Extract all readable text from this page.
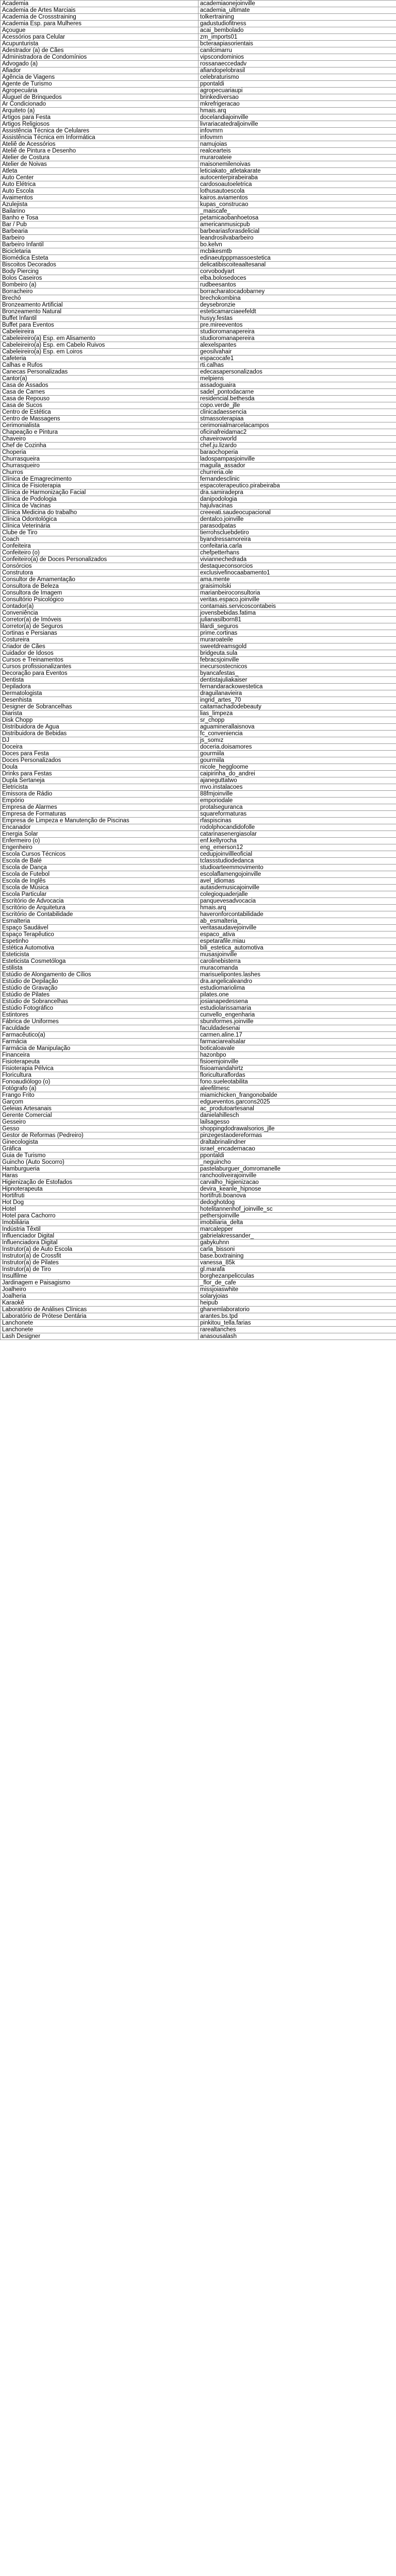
Academia	academiaonejoinville
Academia de Artes Marciais	academia_ultimate
Academia de Crossstraining	tolkertraining
Academia Esp. para Mulheres	gadustudiofitness
Açougue	acai_bembolado
Acessórios para Celular	zm_imports01
Acupunturista	bcteraapiasorientais
Adestrador (a) de Cães	canilcimarru
Administradora de Condomínios	vipscondominios
Advogado (a)	rossanaeccedadv
Afiador	afiandopelobrasil
Agência de Viagens	celebraturismo
Agente de Turismo	ppontaldi
Agropecuária	agropecuariaupi
Aluguel de Brinquedos	brinkediversao
Ar Condicionado	mkrefrigeracao
Arquiteto (a)	hmais.arq
Artigos para Festa	docelandiajoinville
Artigos Religiosos	livrariacatedraljoinville
Assistência Técnica de Celulares	infovmrn
Assistência Técnica em Informática	infovmrn
Ateliê de Acessórios	namujoias
Ateliê de Pintura e Desenho	realcearteis
Atelier de Costura	muraroateie
Atelier de Noivas	maisonemilenoivas
Atleta	leticiakato_atletakarate
Auto Center	autocenterpirabeiraba
Auto Elétrica	cardosoautoeletrica
Auto Escola	lothusautoescola
Avaimentos	kairos.aviamentos
Azulejista	kupas_construcao
Bailarino	_maiscafe_
Banho e Tosa	petamicaobanhoetosa
Bar / Pub	americanmusicpub
Barbearia	barbeariasforasdelicial
Barbeiro	leandrosilvabarbeiro
Barbeiro Infantil	bo.kelvn
Bicicletaria	mcbikesmtb
Biomédica Esteta	edinaeutpppmassoestetica
Biscoitos Decorados	delicatibiscoiteaaltesanal
Body Piercing	corvobodyart
Bolos Caseiros	elba.bolosedoces
Bombeiro (a)	rudbeesantos
Borracheiro	borracharatocadobarney
Brechó	brechokombina
Bronzeamento Artificial	deysebronzie
Bronzeamento Natural	esteticamarciaeefeldt
Buffet Infantil	husyy.festas
Buffet para Eventos	pre.mireeventos
Cabeleireira	studioromanapereira
Cabeleireiro(a) Esp. em Alisamento	studioromanapereira
Cabeleireiro(a) Esp. em Cabelo Ruivos	alexelspantes
Cabeleireiro(a) Esp. em Loiros	geosilvahair
Cafeteria	espacocafe1
Calhas e Rufos	rti.calhas
Canecas Personalizadas	edecasapersonalizados
Cantor(a)	melpiens
Casa de Assados	assadoguaira
Casa de Carnes	sadel_pontodacarne
Casa de Repouso	residencial.bethesda
Casa de Sucos	copo.verde_jlle
Centro de Estética	clinicadaessencia
Centro de Massagens	stmassoterapiaa
Cerimonialista	cerimonialmarcelacampos
Chapeação e Pintura	oficinafreidamac2
Chaveiro	chaveiroworld
Chef de Cozinha	chef.ju.lizardo
Choperia	baraochoperia
Churrasqueira	ladospampasjoinville
Churrasqueiro	maguila_assador
Churros	churreria.ole
Clínica de Emagrecimento	fernandesclinic
Clínica de Fisioterapia	espacoterapeutico.pirabeiraba
Clínica de Harmonização Facial	dra.samiradepra
Clínica de Podologia	danipodologia
Clínica de Vacinas	hajulvacinas
Clínica Medicina do trabalho	creeeati.saudeocupacional
Clínica Odontológica	dentalco.joinville
Clínica Veterinária	parasodpatas
Clube de Tiro	tierrohscluebdetiro
Coach	byandressamoreira
Confeiteira	confeitaria.carla
Confeiteiro (o)	chefpetterhans
Confeiteiro(a) de Doces Personalizados	viviannechedrada
Consórcios	destaqueconsorcios
Construtora	exclusivefinocaabamento1
Consultor de Amamentação	ama.mente
Consultora de Beleza	graisimolski
Consultora de Imagem	marianbeiroconsultoria
Consultório Psicológico	veritas.espaco.joinville
Contador(a)	contamais.servicoscontabeis
Conveniência	jovensbebidas.fatima
Corretor(a) de Imóveis	julianasilborn81
Corretor(a) de Seguros	lilardi_seguros
Cortinas e Persianas	prime.cortinas
Costureira	muraroateile
Criador de Cães	sweetdreamsgold
Cuidador de Idosos	bridgeuta.sula
Cursos e Treinamentos	febracsjoinville
Cursos profissionalizantes	inecursostecnicos
Decoração para Eventos	byancafestas_
Dentista	dentistajuliakaiser
Depiladora	fernandarackowestetica
Dermatologista	draguilanavieira
Desenhista	ingrid_artes_70
Designer de Sobrancelhas	caitamachadodebeauty
Diarista	lias_limpeza
Disk Chopp	sr_chopp
Distribuidora de Água	aguaminerallaisnova
Distribuidora de Bebidas	fc_conveniencia
DJ	js_somız
Doceira	doceria.doisamores
Doces para Festa	gourmiila
Doces Personalizados	gourmiila
Doula	nicole_heggloome
Drinks para Festas	caipirinha_do_andrei
Dupla Sertaneja	ajaneguttatwo
Eletricista	mvo.instalacoes
Emissora de Rádio	88fmjoinville
Empório	emporiodale
Empresa de Alarmes	protalseguranca
Empresa de Formaturas	squareformaturas
Empresa de Limpeza e Manutenção de Piscinas	rfaspiscinas
Encanador	rodolphocandidofolle
Energia Solar	catarinasenergiasolar
Enfermeiro (o)	enf.kellyrocha
Engenheiro	eng_emerson12
Escola Cursos Técnicos	cedupjoinvillleoficial
Escola de Balé	tclassstudiodedanca
Escola de Dança	studioarteemmovimento
Escola de Futebol	escolaflamengojoinville
Escola de Inglês	avel_idiomas
Escola de Música	autasdemusicajoinville
Escola Particular	colegioquaderjalle
Escritório de Advocacia	panquevesadvocacia
Escritório de Arquitetura	hmais.arq
Escritório de Contabilidade	haveronforcontabilidade
Esmalteria	ab_esmalteria_
Espaço Saudável	veritasaudavejoinville
Espaço Terapêutico	espaco_ativa
Espetinho	espetarafile.miau
Estética Automotiva	bili_estetica_automotiva
Esteticista	musasjoinville
Esteticista Cosmetóloga	carolinebisterra
Estilista	muracomanda
Estúdio de Alongamento de Cílios	marisuelipontes.lashes
Estúdio de Depilação	dra.angelicaleandro
Estúdio de Gravação	estudiomariolima
Estúdio de Pilates	pilates.one
Estúdio de Sobrancelhas	josianapedessena
Estúdio Fotográfico	estudiolarissamaria
Estintores	cunvello_engenharia
Fábrica de Uniformes	sbuniformes.joinville
Faculdade	faculdadesenai
Farmacêutico(a)	carmen.aline.17
Farmácia	farmaciarealsalar
Farmácia de Manipulação	boticaloavale
Financeira	hazonbpo
Fisioterapeuta	fisioemjoinville
Fisioterapia Pélvica	fisioamandahirtz
Floricultura	floriculturaflordas
Fonoaudiólogo (o)	fono.sueleotabilita
Fotógrafo (a)	aleefilmesc
Frango Frito	miamichicken_frangonobalde
Garçom	edgueventos.garcons2025
Geleias Artesanais	ac_produtoartesanal
Gerente Comercial	danielahillesch
Gesseiro	lailsagesso
Gesso	shoppingdodrawalsorios_jlle
Gestor de Reformas (Pedreiro)	pinzegestaodereformas
Ginecologista	draltabrinalindner
Gráfica	israel_encadernacao
Guia de Turismo	ppontaldi
Guincho (Auto Socorro)	_neguincho
Hamburgueria	pastelaburguer_domromanelle
Haras	ranchooliveirajoinville
Higienização de Estofados	carvalho_higienizacao
Hipnoterapeuta	devira_keanle_hipnose
Hortifruti	hortifruti.boanova
Hot Dog	dedoghotdog
Hotel	hotelitannenhof_joinville_sc
Hotel para Cachorro	pethersjoinville
Imobiliária	imobiliaria_delta
Indústria Têxtil	marcalepper
Influenciador Digital	gabrielakressander_
Influenciadora Digital	gabykuhnn
Instrutor(a) de Auto Escola	carla_bissoni
Instrutor(a) de Crossfit	base.boxtraining
Instrutor(a) de Pilates	vanessa_85k
Instrutor(a) de Tiro	gl.marafa
Insulfilme	borghezanpelicculas
Jardinagem e Paisagismo	_flor_de_cafe
Joalheiro	missjoiaswhite
Joalheria	solaryjoias
Karaokê	heipub
Laboratório de Análises Clínicas	ghanemlaboratorio
Laboratório de Prótese Dentária	arantes.bs.tpd
Lanchonete	pinkitou_tella.farias
Lanchonete	rarealtanches
Lash Designer	anasousalash
